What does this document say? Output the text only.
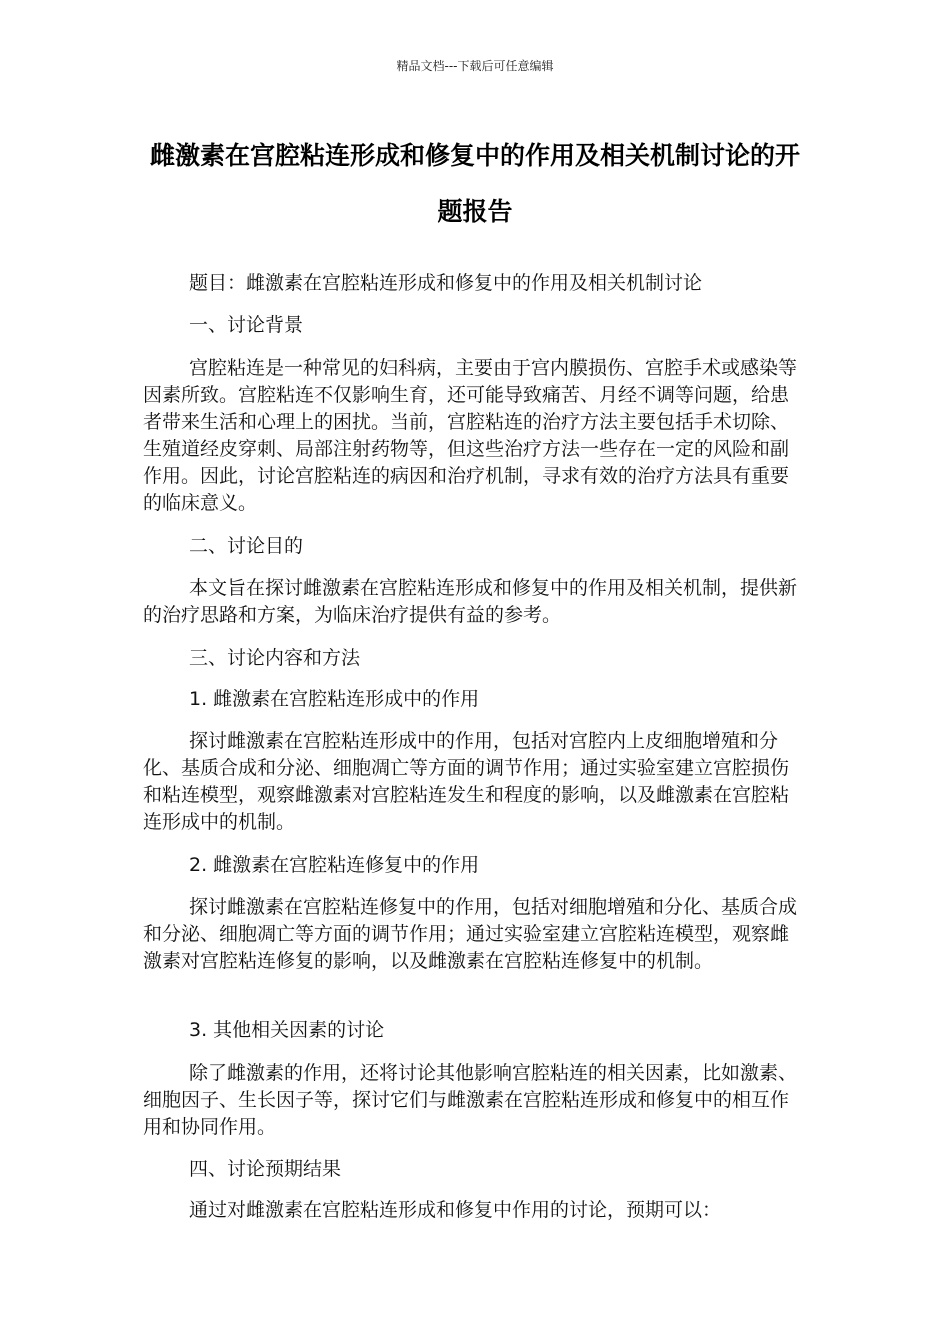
精品文档---下载后可任意编辑
雌激素在宫腔粘连形成和修复中的作用及相关机制讨论的开题报告
题目：雌激素在宫腔粘连形成和修复中的作用及相关机制讨论
一、讨论背景
宫腔粘连是一种常见的妇科病，主要由于宫内膜损伤、宫腔手术或感染等因素所致。宫腔粘连不仅影响生育，还可能导致痛苦、月经不调等问题，给患者带来生活和心理上的困扰。当前，宫腔粘连的治疗方法主要包括手术切除、生殖道经皮穿刺、局部注射药物等，但这些治疗方法一些存在一定的风险和副作用。因此，讨论宫腔粘连的病因和治疗机制，寻求有效的治疗方法具有重要的临床意义。
二、讨论目的
本文旨在探讨雌激素在宫腔粘连形成和修复中的作用及相关机制，提供新的治疗思路和方案，为临床治疗提供有益的参考。
三、讨论内容和方法
1. 雌激素在宫腔粘连形成中的作用
探讨雌激素在宫腔粘连形成中的作用，包括对宫腔内上皮细胞增殖和分化、基质合成和分泌、细胞凋亡等方面的调节作用；通过实验室建立宫腔损伤和粘连模型，观察雌激素对宫腔粘连发生和程度的影响，以及雌激素在宫腔粘连形成中的机制。
2. 雌激素在宫腔粘连修复中的作用
探讨雌激素在宫腔粘连修复中的作用，包括对细胞增殖和分化、基质合成和分泌、细胞凋亡等方面的调节作用；通过实验室建立宫腔粘连模型，观察雌激素对宫腔粘连修复的影响，以及雌激素在宫腔粘连修复中的机制。
3. 其他相关因素的讨论
除了雌激素的作用，还将讨论其他影响宫腔粘连的相关因素，比如激素、细胞因子、生长因子等，探讨它们与雌激素在宫腔粘连形成和修复中的相互作用和协同作用。
四、讨论预期结果
通过对雌激素在宫腔粘连形成和修复中作用的讨论，预期可以：
